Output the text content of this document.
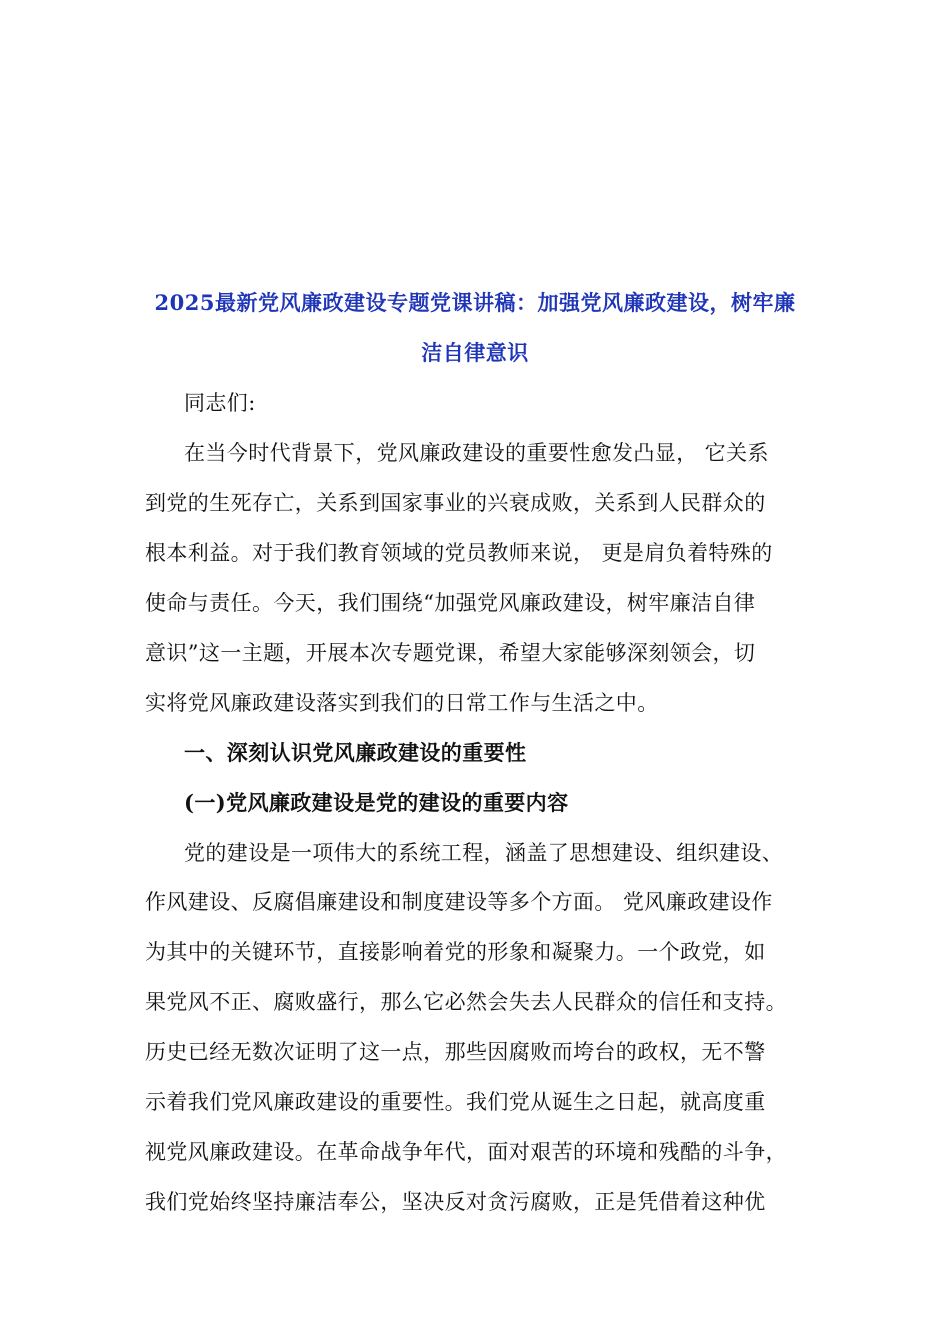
2025最新党风廉政建设专题党课讲稿：加强党风廉政建设，树牢廉
洁自律意识
同志们:
在当今时代背景下，党风廉政建设的重要性愈发凸显， 它关系
到党的生死存亡，关系到国家事业的兴衰成败，关系到人民群众的
根本利益。对于我们教育领域的党员教师来说， 更是肩负着特殊的
使命与责任。今天，我们围绕“加强党风廉政建设，树牢廉洁自律
意识”这一主题，开展本次专题党课，希望大家能够深刻领会，切
实将党风廉政建设落实到我们的日常工作与生活之中。
一、深刻认识党风廉政建设的重要性
(一)党风廉政建设是党的建设的重要内容
党的建设是一项伟大的系统工程，涵盖了思想建设、组织建设、
作风建设、反腐倡廉建设和制度建设等多个方面。 党风廉政建设作
为其中的关键环节，直接影响着党的形象和凝聚力。一个政党，如
果党风不正、腐败盛行，那么它必然会失去人民群众的信任和支持。
历史已经无数次证明了这一点，那些因腐败而垮台的政权，无不警
示着我们党风廉政建设的重要性。我们党从诞生之日起，就高度重
视党风廉政建设。在革命战争年代，面对艰苦的环境和残酷的斗争，
我们党始终坚持廉洁奉公，坚决反对贪污腐败，正是凭借着这种优
